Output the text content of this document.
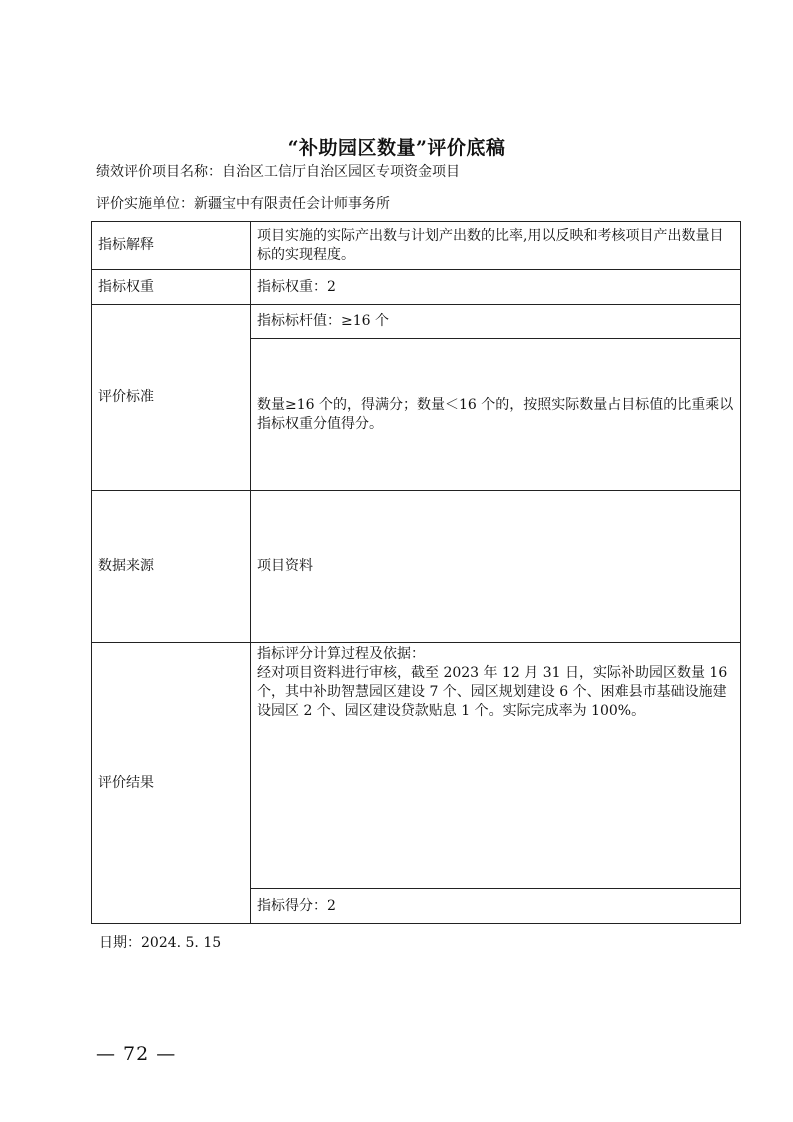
“补助园区数量”评价底稿
绩效评价项目名称：自治区工信厅自治区园区专项资金项目
评价实施单位：新疆宝中有限责任会计师事务所
指标解释	项目实施的实际产出数与计划产出数的比率,用以反映和考核项目产出数量目标的实现程度。
指标权重	指标权重：2
评价标准	指标标杆值：≥16 个
	数量≥16 个的，得满分；数量＜16 个的，按照实际数量占目标值的比重乘以指标权重分值得分。
数据来源	项目资料
评价结果	指标评分计算过程及依据：
经对项目资料进行审核，截至 2023 年 12 月 31 日，实际补助园区数量 16 个，其中补助智慧园区建设 7 个、园区规划建设 6 个、困难县市基础设施建设园区 2 个、园区建设贷款贴息 1 个。实际完成率为 100%。

	指标得分：2
日期：2024. 5. 15
— 72 —
